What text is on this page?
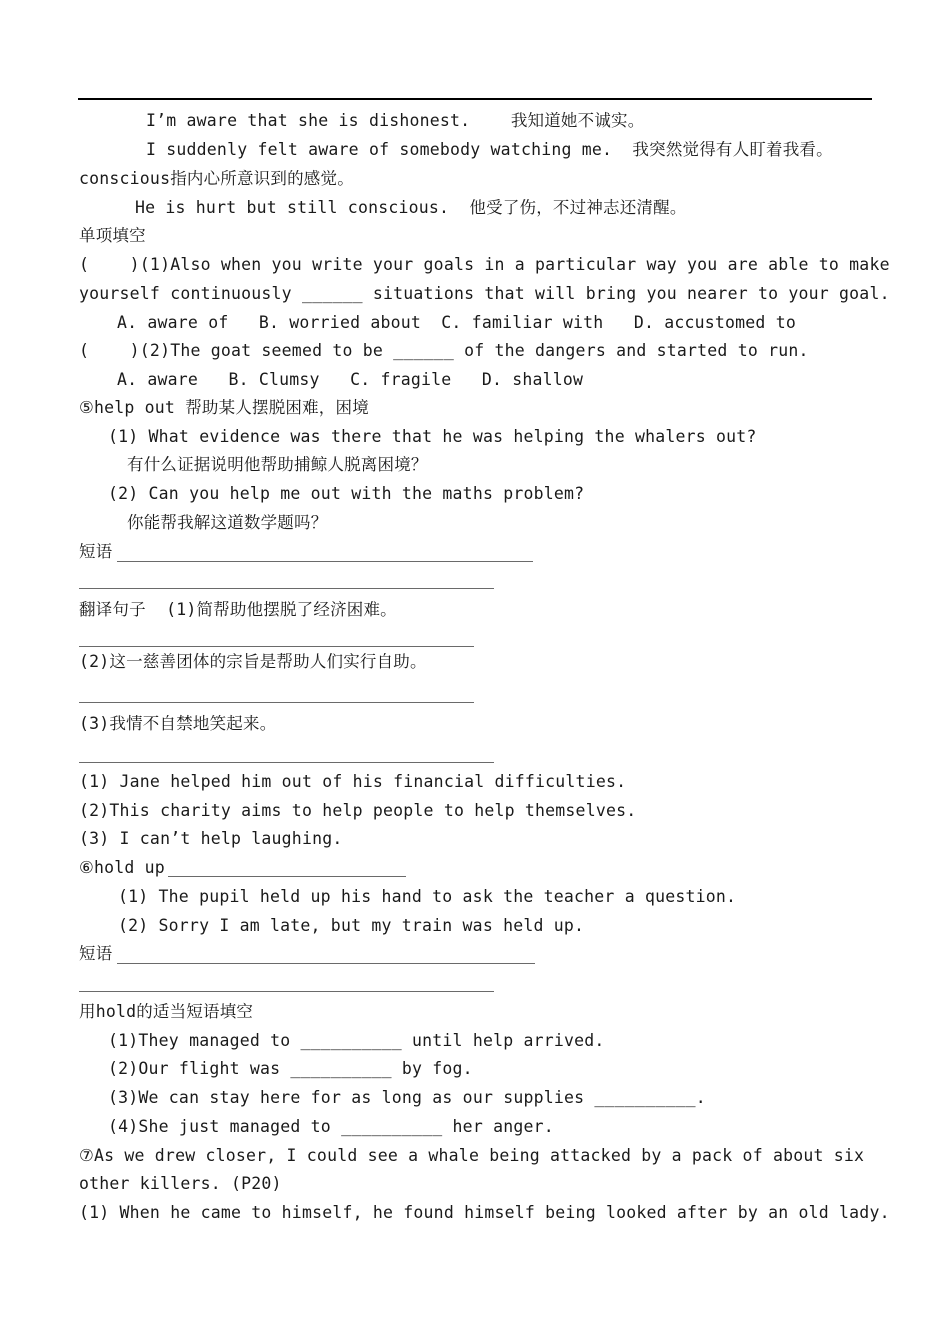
I’m aware that she is dishonest.    我知道她不诚实。
I suddenly felt aware of somebody watching me.  我突然觉得有人盯着我看。
conscious指内心所意识到的感觉。
He is hurt but still conscious.  他受了伤，不过神志还清醒。
单项填空
(    )(1)Also when you write your goals in a particular way you are able to make
yourself continuously ______ situations that will bring you nearer to your goal.
A. aware of   B. worried about  C. familiar with   D. accustomed to
(    )(2)The goat seemed to be ______ of the dangers and started to run.
A. aware   B. Clumsy   C. fragile   D. shallow
⑤help out 帮助某人摆脱困难，困境
(1) What evidence was there that he was helping the whalers out?
有什么证据说明他帮助捕鲸人脱离困境？
(2) Can you help me out with the maths problem?
你能帮我解这道数学题吗？
短语
翻译句子  (1)简帮助他摆脱了经济困难。
(2)这一慈善团体的宗旨是帮助人们实行自助。
(3)我情不自禁地笑起来。
(1) Jane helped him out of his financial difficulties.
(2)This charity aims to help people to help themselves.
(3) I can’t help laughing.
⑥hold up
(1) The pupil held up his hand to ask the teacher a question.
(2) Sorry I am late, but my train was held up.
短语
用hold的适当短语填空
(1)They managed to __________ until help arrived.
(2)Our flight was __________ by fog.
(3)We can stay here for as long as our supplies __________.
(4)She just managed to __________ her anger.
⑦As we drew closer, I could see a whale being attacked by a pack of about six
other killers. (P20)
(1) When he came to himself, he found himself being looked after by an old lady.
